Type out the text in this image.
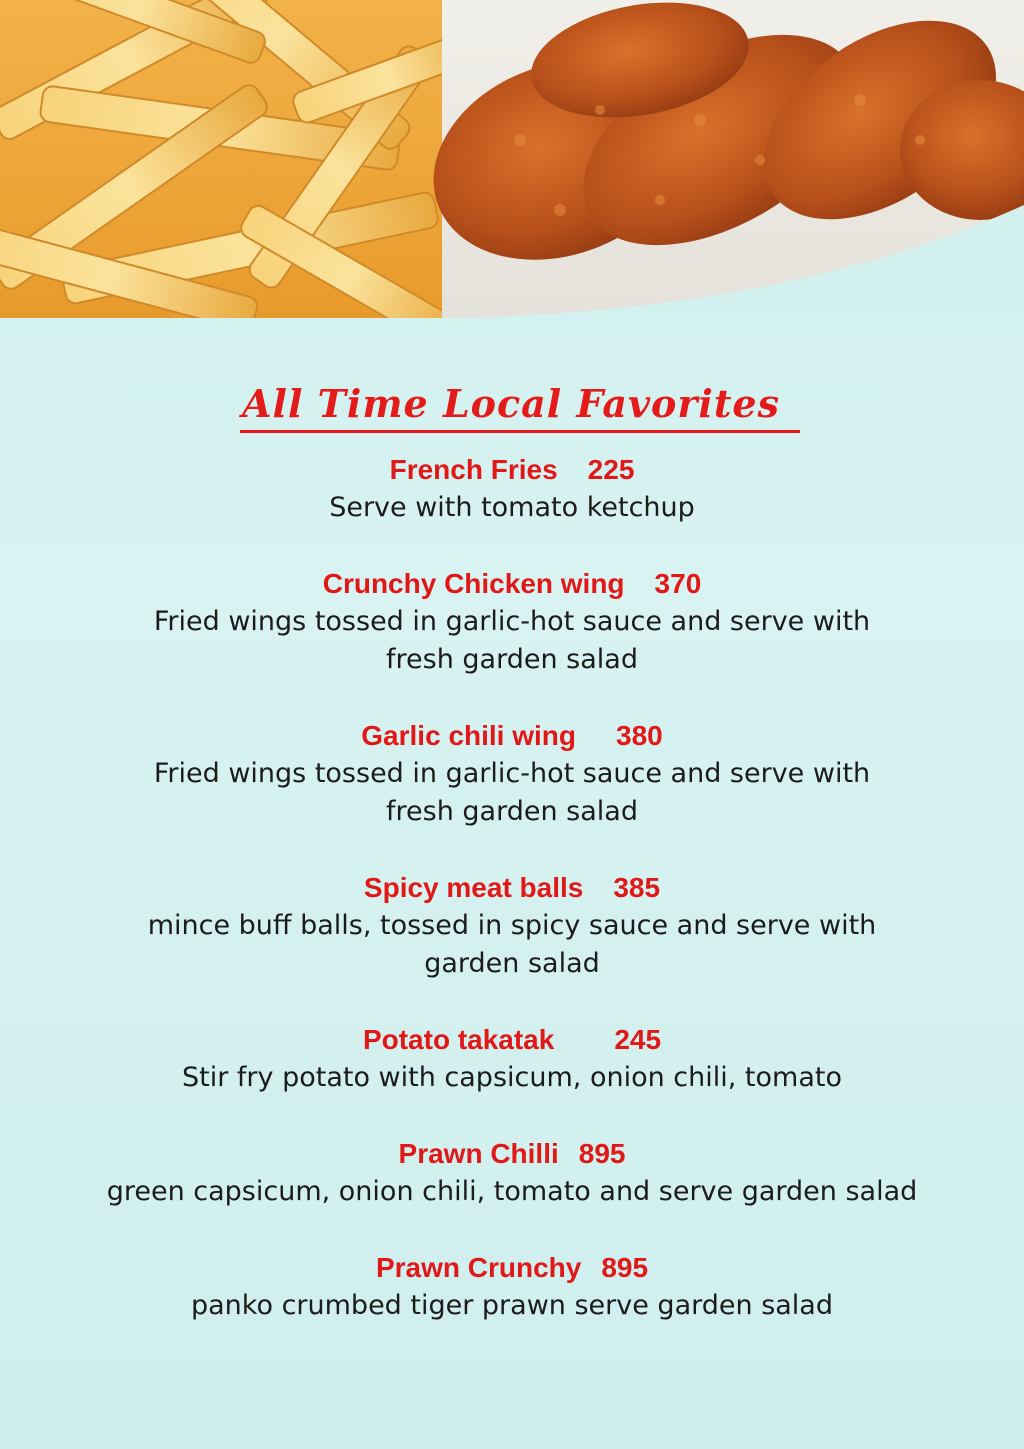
All Time Local Favorites
French Fries 225
Serve with tomato ketchup
Crunchy Chicken wing 370
Fried wings tossed in garlic-hot sauce and serve with
fresh garden salad
Garlic chili wing 380
Fried wings tossed in garlic-hot sauce and serve with
fresh garden salad
Spicy meat balls 385
mince buff balls, tossed in spicy sauce and serve with
garden salad
Potato takatak 245
Stir fry potato with capsicum, onion chili, tomato
Prawn Chilli 895
green capsicum, onion chili, tomato and serve garden salad
Prawn Crunchy 895
panko crumbed tiger prawn serve garden salad
